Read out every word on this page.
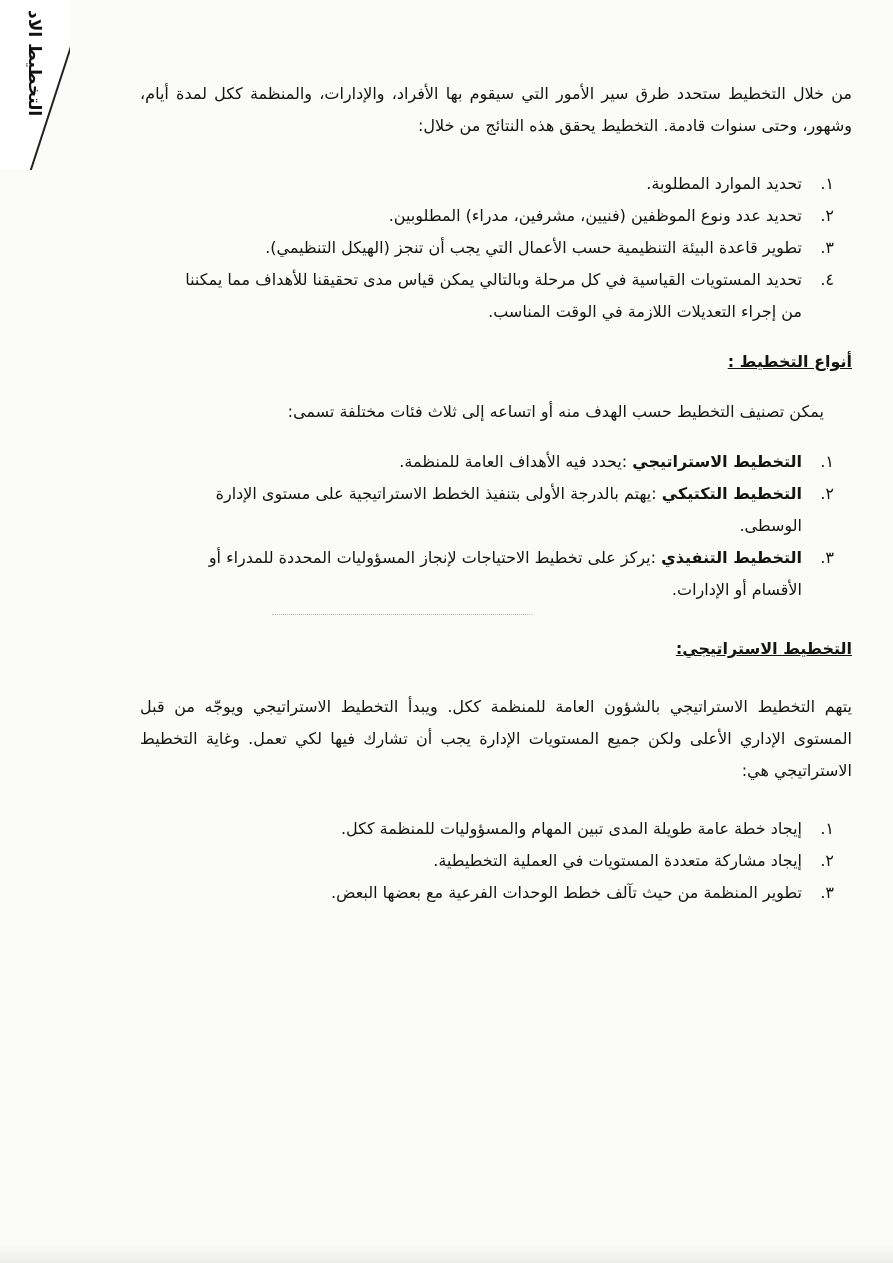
التخطيط الاد	من خلال التخطيط ستحدد طرق سير الأمور التي سيقوم بها الأفراد، والإدارات، والمنظمة ككل لمدة أيام، وشهور، وحتى سنوات قادمة. التخطيط يحقق هذه النتائج من خلال:

١.
تحديد الموارد المطلوبة.
٢.
تحديد عدد ونوع الموظفين (فنيين، مشرفين، مدراء) المطلوبين.
٣.
تطوير قاعدة البيئة التنظيمية حسب الأعمال التي يجب أن تنجز (الهيكل التنظيمي).
٤.
تحديد المستويات القياسية في كل مرحلة وبالتالي يمكن قياس مدى تحقيقنا للأهداف مما يمكننا من إجراء التعديلات اللازمة في الوقت المناسب.

أنواع التخطيط :

يمكن تصنيف التخطيط حسب الهدف منه أو اتساعه إلى ثلاث فئات مختلفة تسمى:

١.
التخطيط الاستراتيجي :يحدد فيه الأهداف العامة للمنظمة.
٢.
التخطيط التكتيكي :يهتم بالدرجة الأولى بتنفيذ الخطط الاستراتيجية على مستوى الإدارة الوسطى.
٣.
التخطيط التنفيذي :يركز على تخطيط الاحتياجات لإنجاز المسؤوليات المحددة للمدراء أو الأقسام أو الإدارات.

التخطيط الاستراتيجي:

يتهم التخطيط الاستراتيجي بالشؤون العامة للمنظمة ككل. ويبدأ التخطيط الاستراتيجي ويوجّه من قبل المستوى الإداري الأعلى ولكن جميع المستويات الإدارة يجب أن تشارك فيها لكي تعمل. وغاية التخطيط الاستراتيجي هي:

١.
إيجاد خطة عامة طويلة المدى تبين المهام والمسؤوليات للمنظمة ككل.
٢.
إيجاد مشاركة متعددة المستويات في العملية التخطيطية.
٣.
تطوير المنظمة من حيث تآلف خطط الوحدات الفرعية مع بعضها البعض.
